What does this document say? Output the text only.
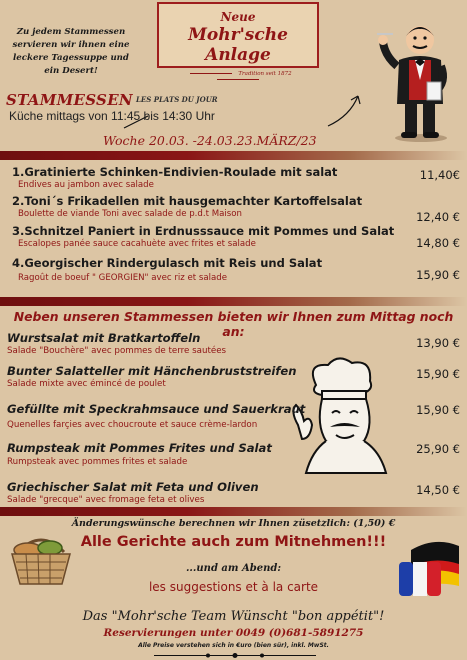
Zu jedem Stammessen servieren wir ihnen eine leckere Tagessuppe und ein Desert!
Neue
Mohr'sche Anlage
Tradition seit 1872
STAMMESSEN LES PLATS DU JOUR
Küche mittags von 11:45 bis 14:30 Uhr
Woche 20.03. -24.03.23.MÄRZ/23
1.Gratinierte Schinken-Endivien-Roulade mit salat
Endives au jambon avec salade
11,40€
2.Toni´s Frikadellen mit hausgemachter Kartoffelsalat
Boulette de viande Toni avec salade de p.d.t Maison	12,40 €
3.Schnitzel Paniert in Erdnusssauce mit Pommes und Salat
Escalopes panée sauce cacahuète avec frites et salade	14,80 €
4.Georgischer Rindergulasch mit Reis und Salat
Ragoût de boeuf " GEORGIEN" avec riz et salade	15,90 €
Neben unseren Stammessen bieten wir Ihnen zum Mittag noch an:
Wurstsalat mit Bratkartoffeln
Salade "Bouchère" avec pommes de terre sautées
13,90 €
Bunter Salatteller mit Hänchenbruststreifen
Salade mixte avec émincé de poulet
15,90 €
Gefüllte mit Speckrahmsauce und Sauerkraut
Quenelles farçies avec choucroute et sauce crème-lardon
15,90 €
Rumpsteak mit Pommes Frites und Salat
Rumpsteak avec pommes frites et salade
25,90 €
Griechischer Salat mit Feta und Oliven
Salade "grecque" avec fromage feta et olives
14,50 €
Änderungswünsche berechnen wir Ihnen züsetzlich: (1,50) €
Alle Gerichte auch zum Mitnehmen!!!
...und am Abend:
les suggestions et à la carte
Das "Mohr'sche Team Wünscht "bon appétit"!
Reservierungen unter 0049 (0)681-5891275
Alle Preise verstehen sich in €uro (bien sür), inkl. MwSt.
